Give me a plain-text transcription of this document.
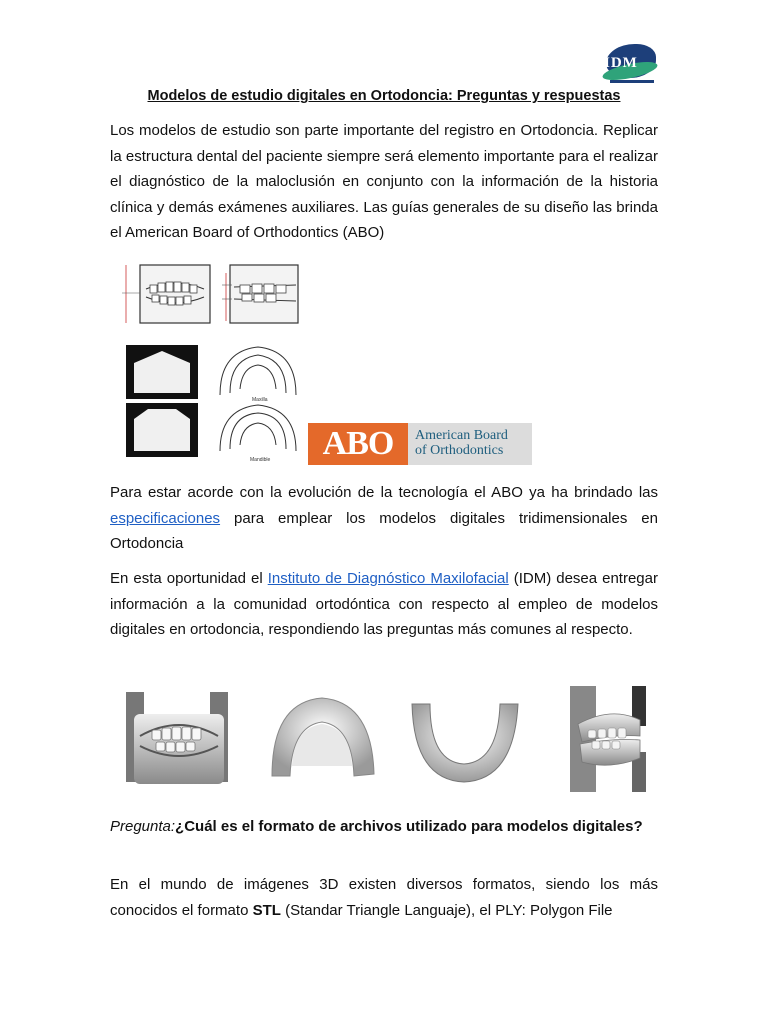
IDM
Modelos de estudio digitales en Ortodoncia: Preguntas y respuestas

Los modelos de estudio son parte importante del registro en Ortodoncia. Replicar la estructura dental del paciente siempre será elemento importante para el realizar el diagnóstico de la maloclusión en conjunto con la información de la historia clínica y demás exámenes auxiliares. Las guías generales de su diseño las brinda el American Board of Orthodontics (ABO)

Maxilla
Mandible	ABO	American Board
of Orthodontics

Para estar acorde con la evolución de la tecnología el ABO ya ha brindado las especificaciones para emplear los modelos digitales tridimensionales en Ortodoncia

En esta oportunidad el Instituto de Diagnóstico Maxilofacial (IDM) desea entregar información a la comunidad ortodóntica con respecto al empleo de modelos digitales en ortodoncia, respondiendo las preguntas más comunes al respecto.

Pregunta:¿Cuál es el formato de archivos utilizado para modelos digitales?

En el mundo de imágenes 3D existen diversos formatos, siendo los más conocidos el formato STL (Standar Triangle Languaje), el PLY: Polygon File
